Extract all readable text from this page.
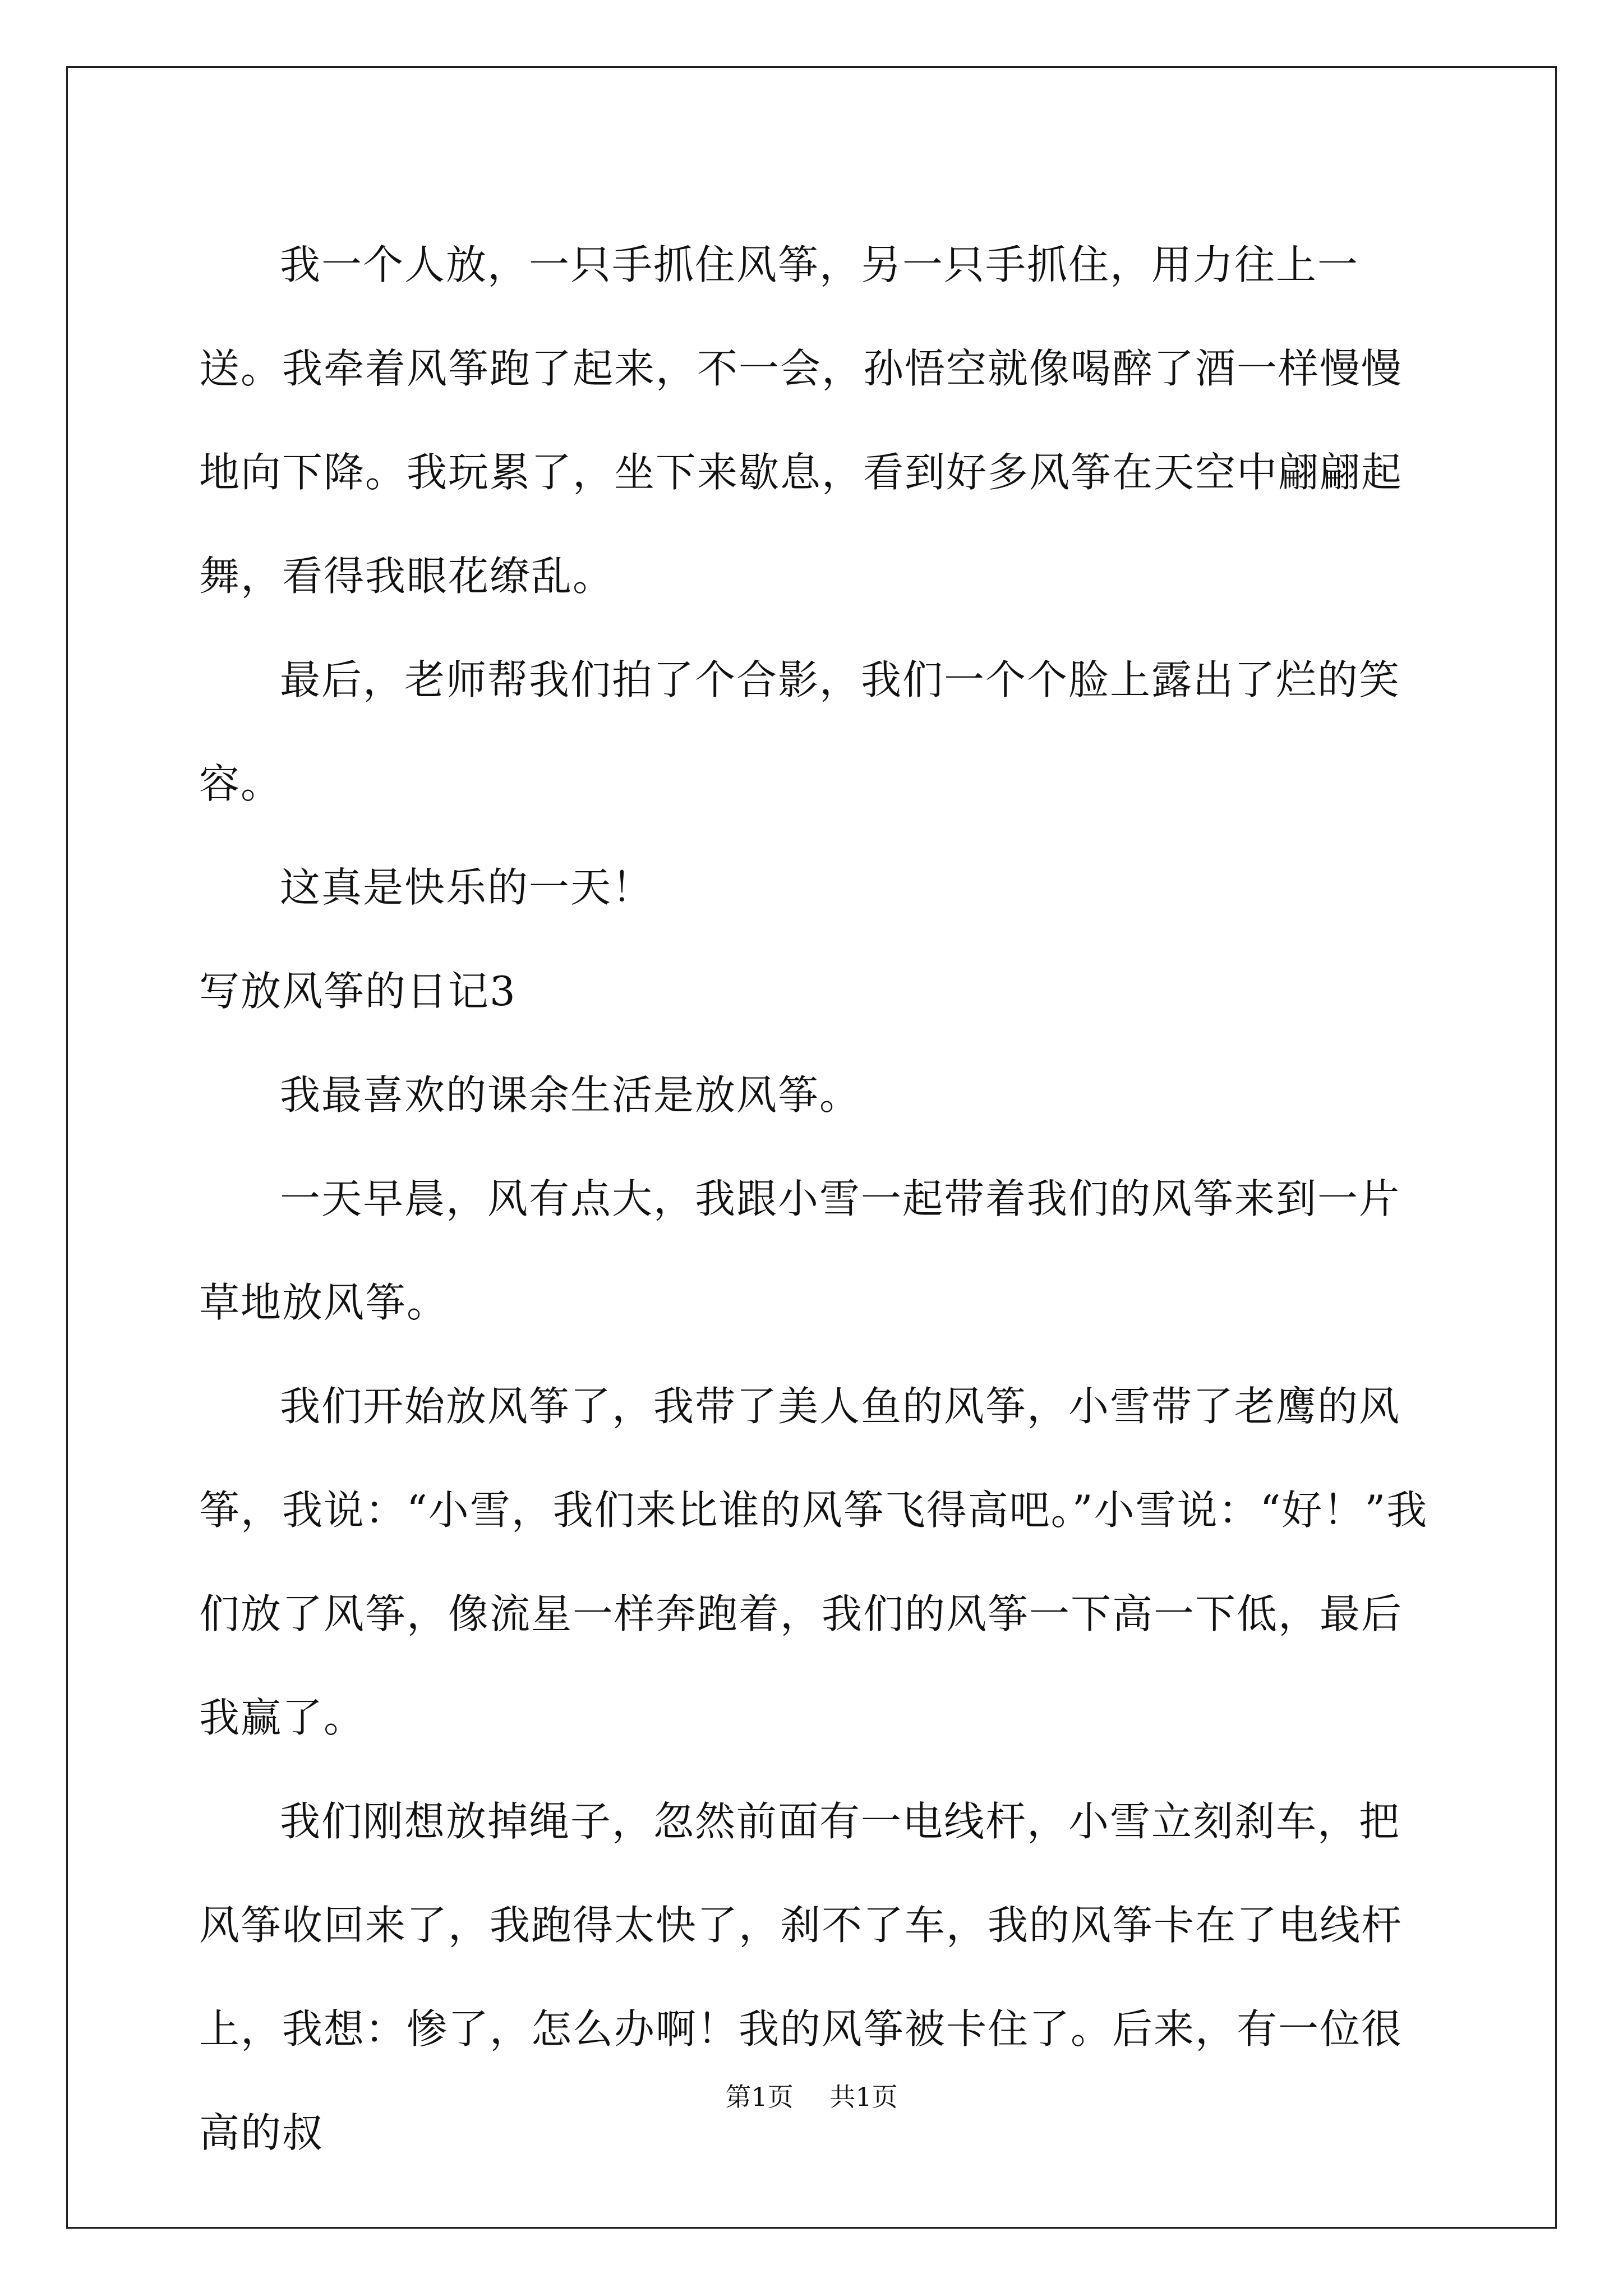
我一个人放，一只手抓住风筝，另一只手抓住，用力往上一送。我牵着风筝跑了起来，不一会，孙悟空就像喝醉了酒一样慢慢地向下降。我玩累了，坐下来歇息，看到好多风筝在天空中翩翩起舞，看得我眼花缭乱。

最后，老师帮我们拍了个合影，我们一个个脸上露出了烂的笑容。

这真是快乐的一天！

写放风筝的日记3

我最喜欢的课余生活是放风筝。

一天早晨，风有点大，我跟小雪一起带着我们的风筝来到一片草地放风筝。

我们开始放风筝了，我带了美人鱼的风筝，小雪带了老鹰的风筝，我说：“小雪，我们来比谁的风筝飞得高吧。”小雪说：“好！”我们放了风筝，像流星一样奔跑着，我们的风筝一下高一下低，最后我赢了。

我们刚想放掉绳子，忽然前面有一电线杆，小雪立刻刹车，把风筝收回来了，我跑得太快了，刹不了车，我的风筝卡在了电线杆上，我想：惨了，怎么办啊！我的风筝被卡住了。后来，有一位很高的叔

第1页 共1页
